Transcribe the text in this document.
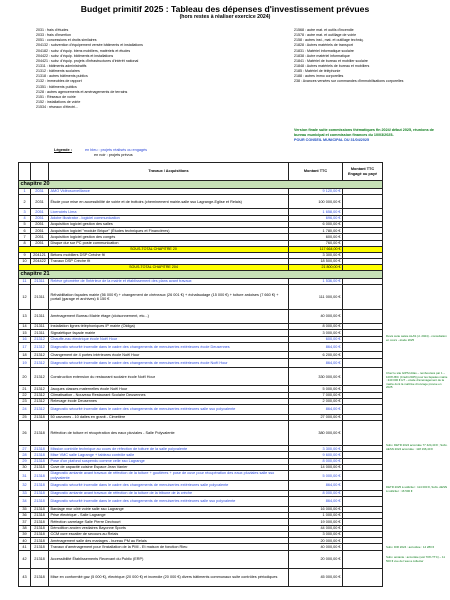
Budget primitif 2025 : Tableau des dépenses d'investissement prévues
(hors restes à réaliser exercice 2024)
2031 : frais d'études
2033 : frais d'insertion
2051 : concessions et droits similaires
204132 : subvention d'équipement versée bâtiments et installations
204182 : subv. d'équip. biens mobiliers, matériels et études
204422 : subv. d'équip. bâtiments et installations
204421 : subv. d'équip. projets d'infrastructures d'intérêt national
21311 : bâtiments administratifs
21312 : bâtiments scolaires
21318 : autres bâtiments publics
2132 : immeubles de rapport
21351 : bâtiments publics
2128 : autres agencements et aménagements de terrains
2151 : Réseaux de voirie
2152 : installations de voirie
21534 : réseaux d'électri...
21568 : autre mat. et outils d'incendie
21578 : autre mat. et outillage de voirie
2158 : autres inst., mat. et outillage techniq.
21828 : Autres matériels de transport
21831 : Matériel informatique scolaire
21838 : Autre matériel informatique
21841 : Matériel de bureau et mobilier scolaire
21848 : Autres matériels de bureau et mobiliers
2185 : Matériel de téléphonie
2188 : autres immo corporelles
238 : Avances versées sur commandes d'immobilisations corporelles
Version finale suite commissions thématiques fin 2024/ début 2025, réunions de bureau municipal et commission finances du 10/03/2025-
POUR CONSEIL MUNICIPAL DU 31/04/2025
Légende :	en bleu : projets réalisés ou engagés
en noir : projets prévus
		Travaux / Acquisitions	Montant TTC	Montant TTC Engagé ou payé
chapitre 20				
1	2031	AMO Vidéosurveillance	9 120,00 €	
2	2031	Étude pour mise en accessibilité de voirie et de trottoirs (cheminement mairie-salle sso Lagrange-Eglise et Relais)	100 000,00 €	
3	2051	Licenciels Lima	1 658,00 €	
4	2051	Adobe Illustrator - logiciel communication	696,00 €	
5	2051	Acquisition logiciel gestion des salles	6 000,00 €	
6	2051	Acquisition logiciel "module Brique" (Études techniques et Financières)	1 780,00 €	
7	2051	Acquisition logiciel gestion des congés	600,00 €	
8	2051	Disque dur sur PC poste communication	760,00 €	
SOUS-TOTAL CHAPITRE 20			117 664,00 €	
9	204121	Bétons mobiliers DSP Crèche fit	3 300,00 €	
10	204422	Travaux DSP Crèche fit	18 500,00 €	
SOUS-TOTAL CHAPITRE 204			21 800,00 €	
chapitre 21				
11	21311	Relève géomètre de l'intérieur de la mairie et établissement des plans avant travaux	1 536,00 €	
12	21311	Réhabilitation façades mairie (56 000 €) + changement de chéneaux (26 001 €) + échafaudage (15 000 €) + toiture ardoises (7 660 €) + portail (garage et archives) 6 150 €	111 000,00 €	
13	21311	Aménagement Bureau Mairie étage (cloisonnement, etc...)	40 000,00 €	
14	21311	Installation lignes téléphoniques IP mairie (Oldiga)	8 000,00 €	
15	21311	Signalétique façade mairie	3 000,00 €	
16	21312	Chauffe-eau électrique école Noël Hour	600,00 €	
17	21312	Diagnostic sécurité incendie dans le cadre des changements de menuiseries extérieures école Deusennes	864,00 €	
18	21312	Changement de 4 portes intérieures école Noël Hour	6 200,00 €	
19	21312	Diagnostic sécurité incendie dans le cadre des changements de menuiseries extérieures école Noël Hour	864,00 €	
20	21312	Construction extension du restaurant scolaire école Noël Hour	330 000,00 €	
21	21312	Jacques classes maternelles école Noël Hour	5 000,00 €	
22	21312	Climatisation - Nouveau Restaurant Scolaire Deusennes	7 000,00 €	
23	21312	Relevage école Deusennes	2 000,00 €	
24	21312	Diagnostic sécurité incendie dans le cadre des changements de menuiseries extérieures salle sso polyvalente	864,00 €	
25	21318	50 cavurnes - 10 dalles en granit - Cimetière	27 000,00 €	
26	21318	Réfection de toiture et récupération des eaux pluviales - Salle Polyvalente	380 000,00 €	
27	21318	Mission contrôle technique au cours de réfection de toiture de la salle polyvalente	3 300,00 €	
28	21318	Mise VMC salle Lagrange + tableau contrôle salle	9 600,00 €	
29	21318	Pose d'un plafond suspendu comme celle sso Lagrange	8 000,00 €	
30	21318	Cuve de capacité cuisine Espace Jean Vanier	14 000,00 €	
31	21318	Diagnostic amiante avant travaux de réfection de la toiture + goutières + pose de cuve pour récupération des eaux pluviales salle sso polyvalente	5 000,00 €	
32	21318	Diagnostic sécurité incendie dans le cadre des changements de menuiseries extérieures salle polyvalente	864,00 €	
33	21318	Diagnostic amiante avant travaux de réfection de la toiture de la tribune de la crèche	8 000,00 €	
34	21318	Diagnostic sécurité incendie dans le cadre des changements de menuiseries extérieures salle sso polyvalente	864,00 €	
35	21318	Bardage mur côté voirie salle sso Lagrange	16 000,00 €	
36	21318	Prise électrique - Salle Lagrange	1 000,00 €	
37	21318	Réfection carrelage Salle Pierre Dechourt	19 000,00 €	
38	21318	Démolition ancien vestiaires Bayonne Sports	44 000,00 €	
39	21318	CCM cure escalier de secours au Relais	3 000,00 €	
40	21318	Aménagement salle des mariages - bureau PM au Relais	20 000,00 €	
41	21318	Travaux d'aménagement pour l'installation de la PMI - Et maison de fonction Rieu	40 000,00 €	
42	21318	Accessibilité Établissements Recevant du Public (ERP)	20 000,00 €	
43	21318	Mise en conformité gaz (5 000 €), électrique (20 000 €) et incendie (20 000 €) divers bâtiments communaux suite contrôles périodiques	45 000,00 €	
Devis suite saisie ALAS (d. 2024) - consultation en cours - étude 2025
Chez le site GIPSI Atlas – remboursés par 1 – 100% BIC (Crédit 2025) pour les façades mairie : 240 000 € HT – étude d'aménagement de la mairie dont la maîtrise d'ouvrage prévue en 2025
Subv. DETR 2024 accordée 77 424,40 € ; Subv. AESN 2024 accordée : 118 196,40 €
DETR 2025 à solliciter : 114 000 €, Subv. AESN à solliciter : 16 500 €
Subv. DIR 2024 : accordée : 14 280 €
Subv. amiante : accordée (soit 70% TTC) – 11 500 € vue de l'eau a collecter
